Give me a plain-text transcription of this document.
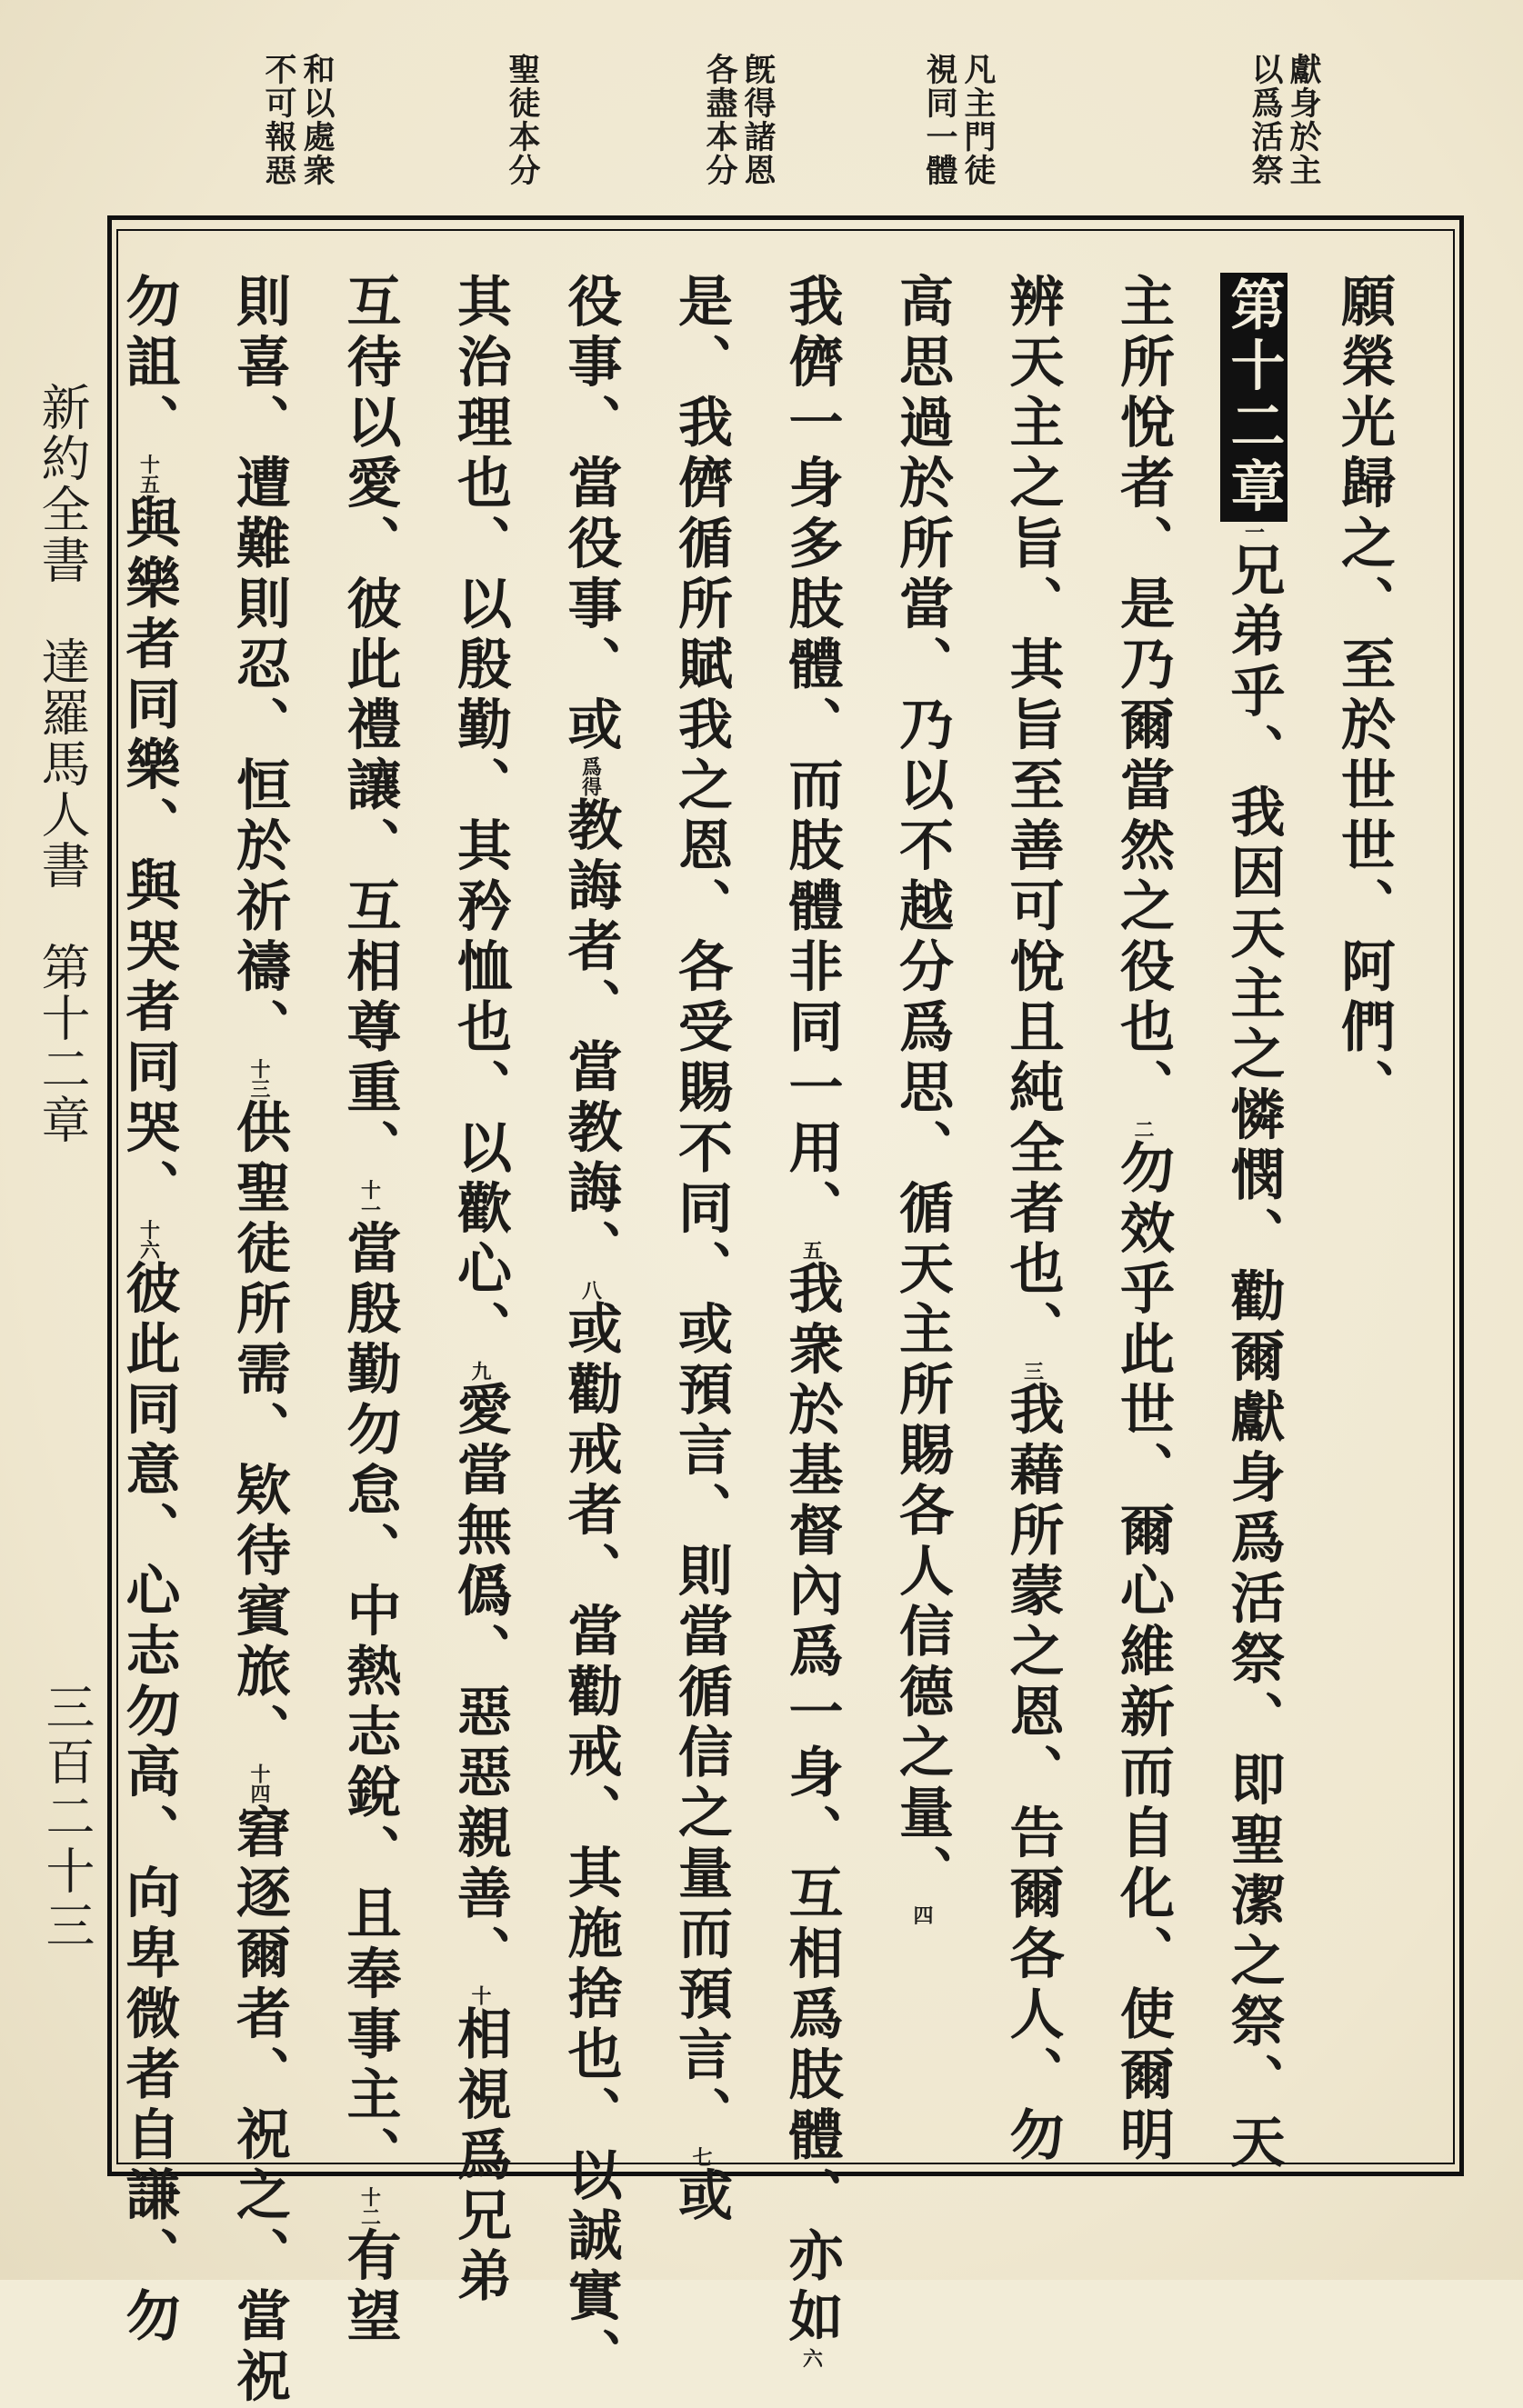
獻身於主
以爲活祭
凡主門徒
視同一體
旣得諸恩
各盡本分
聖徒本分
和以處衆
不可報惡
願榮光歸之、至於世世、阿們、
第十二章$^一$兄弟乎、我因天主之憐憫、勸爾獻身爲活祭、即聖潔之祭、天
主所悅者、是乃爾當然之役也、$^二$勿效乎此世、爾心維新而自化、使爾明
辨天主之旨、其旨至善可悅且純全者也、$^三$我藉所蒙之恩、告爾各人、勿
高思過於所當、乃以不越分爲思、循天主所賜各人信德之量、$^四$
我儕一身多肢體、而肢體非同一用、$^五$我衆於基督內爲一身、互相爲肢體、亦如$^六$
是、我儕循所賦我之恩、各受賜不同、或預言、則當循信之量而預言、$^七$或
役事、當役事、或$^{爲得}$教誨者、當教誨、$^八$或勸戒者、當勸戒、其施捨也、以誠實、
其治理也、以殷勤、其矜恤也、以歡心、$^九$愛當無僞、惡惡親善、$^十$相視爲兄弟
互待以愛、彼此禮讓、互相尊重、$^{十一}$當殷勤勿怠、中熱志銳、且奉事主、$^{十二}$有望
則喜、遭難則忍、恒於祈禱、$^{十三}$供聖徒所需、欵待賓旅、$^{十四}$窘逐爾者、祝之、當祝
勿詛、$^{十五}$與樂者同樂、與哭者同哭、$^{十六}$彼此同意、心志勿高、向卑微者自謙、勿
新約全書　達羅馬人書　第十二章
三百二十三
